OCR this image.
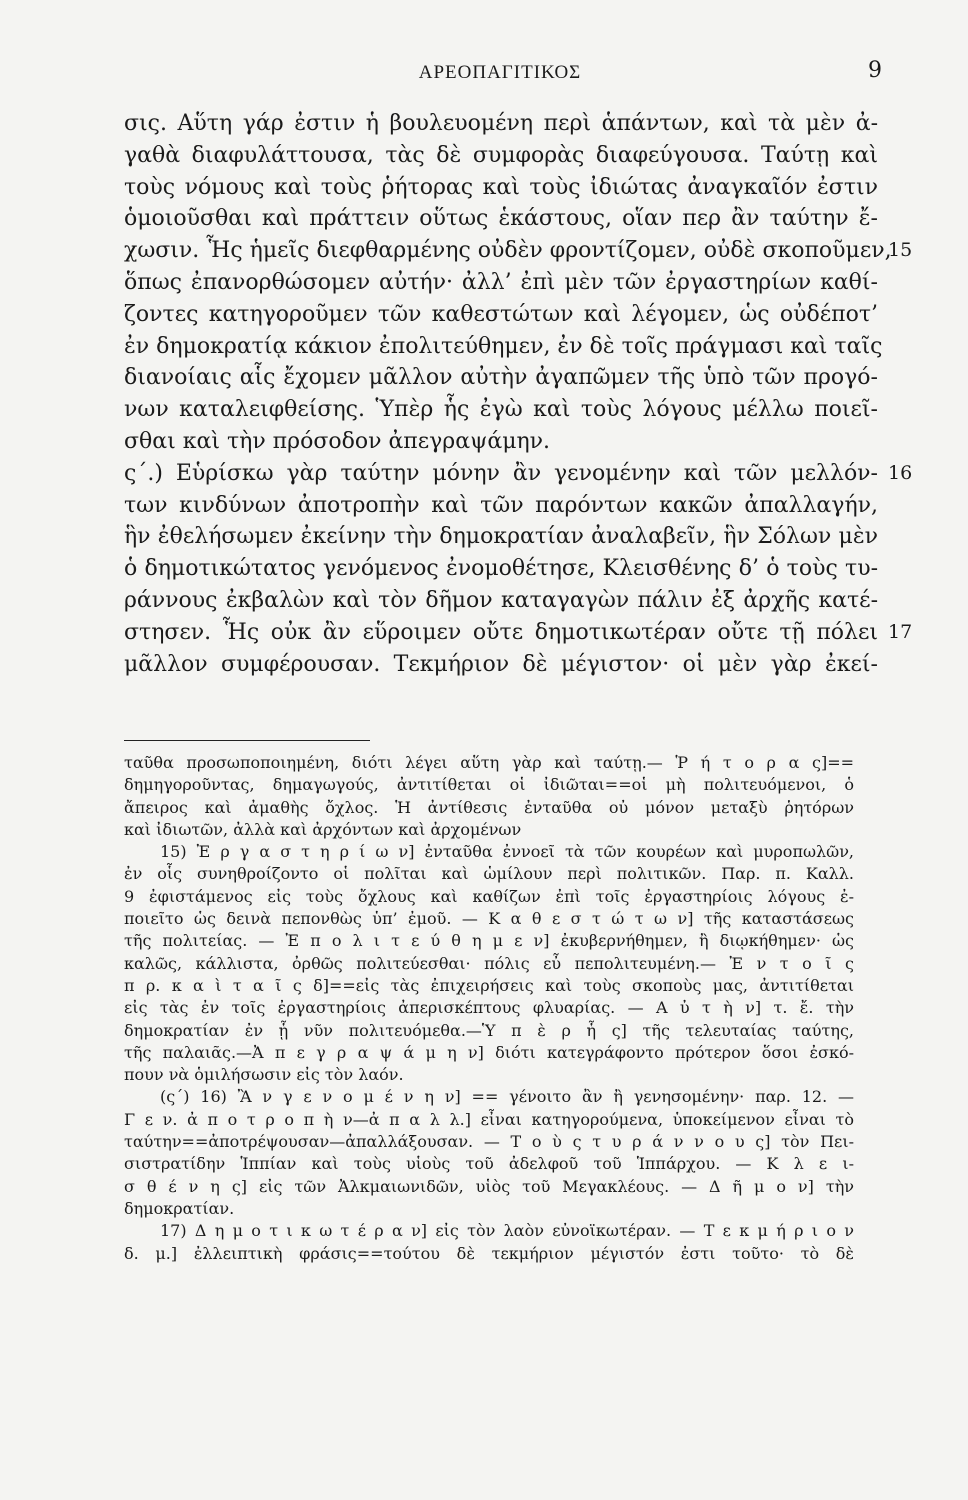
ΑΡΕΟΠΑΓΙΤΙΚΟΣ	9
σις. Αὕτη γάρ ἐστιν ἡ βουλευομένη περὶ ἁπάντων, καὶ τὰ μὲν ἀ-
γαθὰ διαφυλάττουσα, τὰς δὲ συμφορὰς διαφεύγουσα. Ταύτῃ καὶ
τοὺς νόμους καὶ τοὺς ῥήτορας καὶ τοὺς ἰδιώτας ἀναγκαῖόν ἐστιν
ὁμοιοῦσθαι καὶ πράττειν οὕτως ἑκάστους, οἵαν περ ἂν ταύτην ἔ-
χωσιν. Ἧς ἡμεῖς διεφθαρμένης οὐδὲν φροντίζομεν, οὐδὲ σκοποῦμεν,
15
ὅπως ἐπανορθώσομεν αὐτήν· ἀλλ’ ἐπὶ μὲν τῶν ἐργαστηρίων καθί-
ζοντες κατηγοροῦμεν τῶν καθεστώτων καὶ λέγομεν, ὡς οὐδέποτ’
ἐν δημοκρατίᾳ κάκιον ἐπολιτεύθημεν, ἐν δὲ τοῖς πράγμασι καὶ ταῖς
διανοίαις αἷς ἔχομεν μᾶλλον αὐτὴν ἀγαπῶμεν τῆς ὑπὸ τῶν προγό-
νων καταλειφθείσης. Ὑπὲρ ἧς ἐγὼ καὶ τοὺς λόγους μέλλω ποιεῖ-
σθαι καὶ τὴν πρόσοδον ἀπεγραψάμην.
ς΄.) Εὑρίσκω γὰρ ταύτην μόνην ἂν γενομένην καὶ τῶν μελλόν- 16
των κινδύνων ἀποτροπὴν καὶ τῶν παρόντων κακῶν ἀπαλλαγήν,
ἣν ἐθελήσωμεν ἐκείνην τὴν δημοκρατίαν ἀναλαβεῖν, ἣν Σόλων μὲν
ὁ δημοτικώτατος γενόμενος ἐνομοθέτησε, Κλεισθένης δ’ ὁ τοὺς τυ-
ράννους ἐκβαλὼν καὶ τὸν δῆμον καταγαγὼν πάλιν ἐξ ἀρχῆς κατέ-
στησεν. Ἧς οὐκ ἂν εὕροιμεν οὔτε δημοτικωτέραν οὔτε τῇ πόλει 17
μᾶλλον συμφέρουσαν. Τεκμήριον δὲ μέγιστον· οἱ μὲν γὰρ ἐκεί-
ταῦθα προσωποποιημένη, διότι λέγει αὕτη γὰρ καὶ ταύτῃ.— Ῥ ή τ ο ρ α ς]==
δημηγοροῦντας, δημαγωγούς, ἀντιτίθεται οἱ ἰδιῶται==οἱ μὴ πολιτευόμενοι, ὁ
ἄπειρος καὶ ἀμαθὴς ὄχλος. Ἡ ἀντίθεσις ἐνταῦθα οὐ μόνον μεταξὺ ῥητόρων
καὶ ἰδιωτῶν, ἀλλὰ καὶ ἀρχόντων καὶ ἀρχομένων
15) Ἐ ρ γ α σ τ η ρ ί ω ν] ἐνταῦθα ἐννοεῖ τὰ τῶν κουρέων καὶ μυροπωλῶν,
ἐν οἷς συνηθροίζοντο οἱ πολῖται καὶ ὡμίλουν περὶ πολιτικῶν. Παρ. π. Καλλ.
9 ἐφιστάμενος εἰς τοὺς ὄχλους καὶ καθίζων ἐπὶ τοῖς ἐργαστηρίοις λόγους ἐ-
ποιεῖτο ὡς δεινὰ πεπονθὼς ὑπ’ ἐμοῦ. — Κ α θ ε σ τ ώ τ ω ν] τῆς καταστάσεως
τῆς πολιτείας. — Ἐ π ο λ ι τ ε ύ θ η μ ε ν] ἐκυβερνήθημεν, ἢ διῳκήθημεν· ὡς
καλῶς, κάλλιστα, ὀρθῶς πολιτεύεσθαι· πόλις εὖ πεπολιτευμένη.— Ἐ ν τ ο ῖ ς
π ρ. κ α ὶ τ α ῖ ς δ]==εἰς τὰς ἐπιχειρήσεις καὶ τοὺς σκοποὺς μας, ἀντιτίθεται
εἰς τὰς ἐν τοῖς ἐργαστηρίοις ἀπερισκέπτους φλυαρίας. — Α ὐ τ ὴ ν] τ. ἔ. τὴν
δημοκρατίαν ἐν ᾗ νῦν πολιτευόμεθα.—Ὑ π ὲ ρ ἧ ς] τῆς τελευταίας ταύτης,
τῆς παλαιᾶς.—Ἀ π ε γ ρ α ψ ά μ η ν] διότι κατεγράφοντο πρότερον ὅσοι ἐσκό-
πουν νὰ ὁμιλήσωσιν εἰς τὸν λαόν.
(ς΄) 16) Ἂ ν γ ε ν ο μ έ ν η ν] == γένοιτο ἂν ἢ γενησομένην· παρ. 12. —
Γ ε ν. ἀ π ο τ ρ ο π ὴ ν—ἀ π α λ λ.] εἶναι κατηγορούμενα, ὑποκείμενον εἶναι τὸ
ταύτην==ἀποτρέψουσαν—ἀπαλλάξουσαν. — Τ ο ὺ ς τ υ ρ ά ν ν ο υ ς] τὸν Πει-
σιστρατίδην Ἱππίαν καὶ τοὺς υἱοὺς τοῦ ἀδελφοῦ τοῦ Ἱππάρχου. — Κ λ ε ι-
σ θ έ ν η ς] εἰς τῶν Ἀλκμαιωνιδῶν, υἱὸς τοῦ Μεγακλέους. — Δ ῆ μ ο ν] τὴν
δημοκρατίαν.
17) Δ η μ ο τ ι κ ω τ έ ρ α ν] εἰς τὸν λαὸν εὐνοϊκωτέραν. — Τ ε κ μ ή ρ ι ο ν
δ. μ.] ἐλλειπτικὴ φράσις==τούτου δὲ τεκμήριον μέγιστόν ἐστι τοῦτο· τὸ δὲ
